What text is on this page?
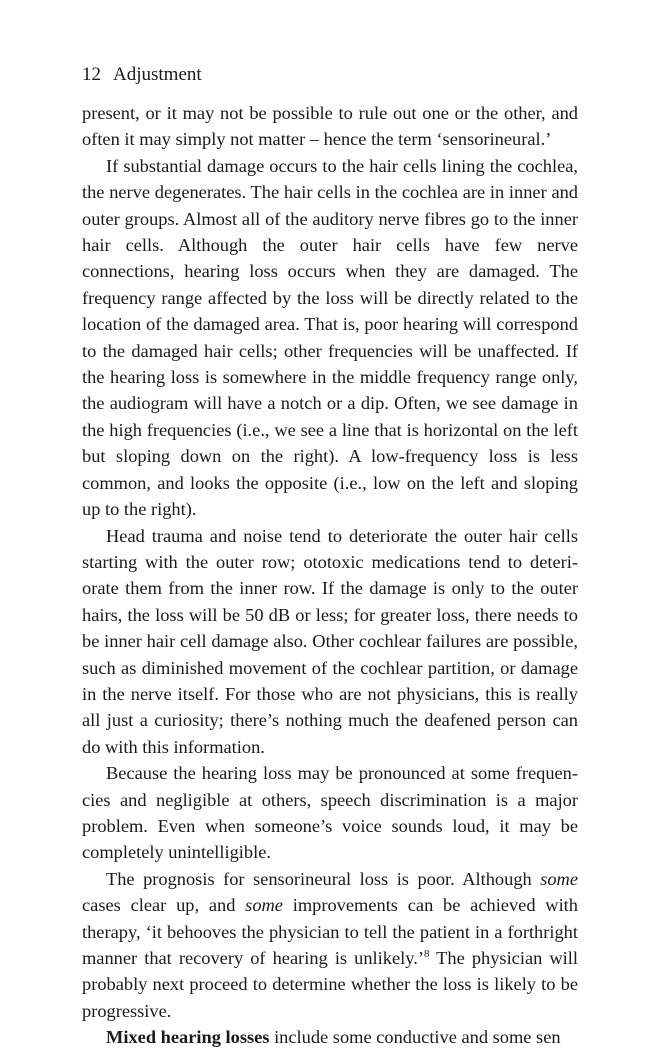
12 Adjustment

present, or it may not be possible to rule out one or the other, and often it may simply not matter – hence the term ‘sensorineural.’

If substantial damage occurs to the hair cells lining the cochlea, the nerve degenerates. The hair cells in the cochlea are in inner and outer groups. Almost all of the auditory nerve fibres go to the inner hair cells. Although the outer hair cells have few nerve connections, hearing loss occurs when they are damaged. The frequency range affected by the loss will be directly related to the location of the damaged area. That is, poor hearing will correspond to the damaged hair cells; other frequencies will be unaffected. If the hearing loss is somewhere in the middle frequency range only, the audiogram will have a notch or a dip. Often, we see damage in the high frequencies (i.e., we see a line that is horizontal on the left but sloping down on the right). A low-frequency loss is less common, and looks the opposite (i.e., low on the left and sloping up to the right).

Head trauma and noise tend to deteriorate the outer hair cells starting with the outer row; ototoxic medications tend to deteriorate them from the inner row. If the damage is only to the outer hairs, the loss will be 50 dB or less; for greater loss, there needs to be inner hair cell damage also. Other cochlear failures are possible, such as diminished movement of the cochlear partition, or damage in the nerve itself. For those who are not physicians, this is really all just a curiosity; there’s nothing much the deafened person can do with this information.

Because the hearing loss may be pronounced at some frequencies and negligible at others, speech discrimination is a major problem. Even when someone’s voice sounds loud, it may be completely unintelligible.

The prognosis for sensorineural loss is poor. Although some cases clear up, and some improvements can be achieved with therapy, ‘it behooves the physician to tell the patient in a forthright manner that recovery of hearing is unlikely.’$^8$ The physician will probably next proceed to determine whether the loss is likely to be progressive.

Mixed hearing losses include some conductive and some sen
